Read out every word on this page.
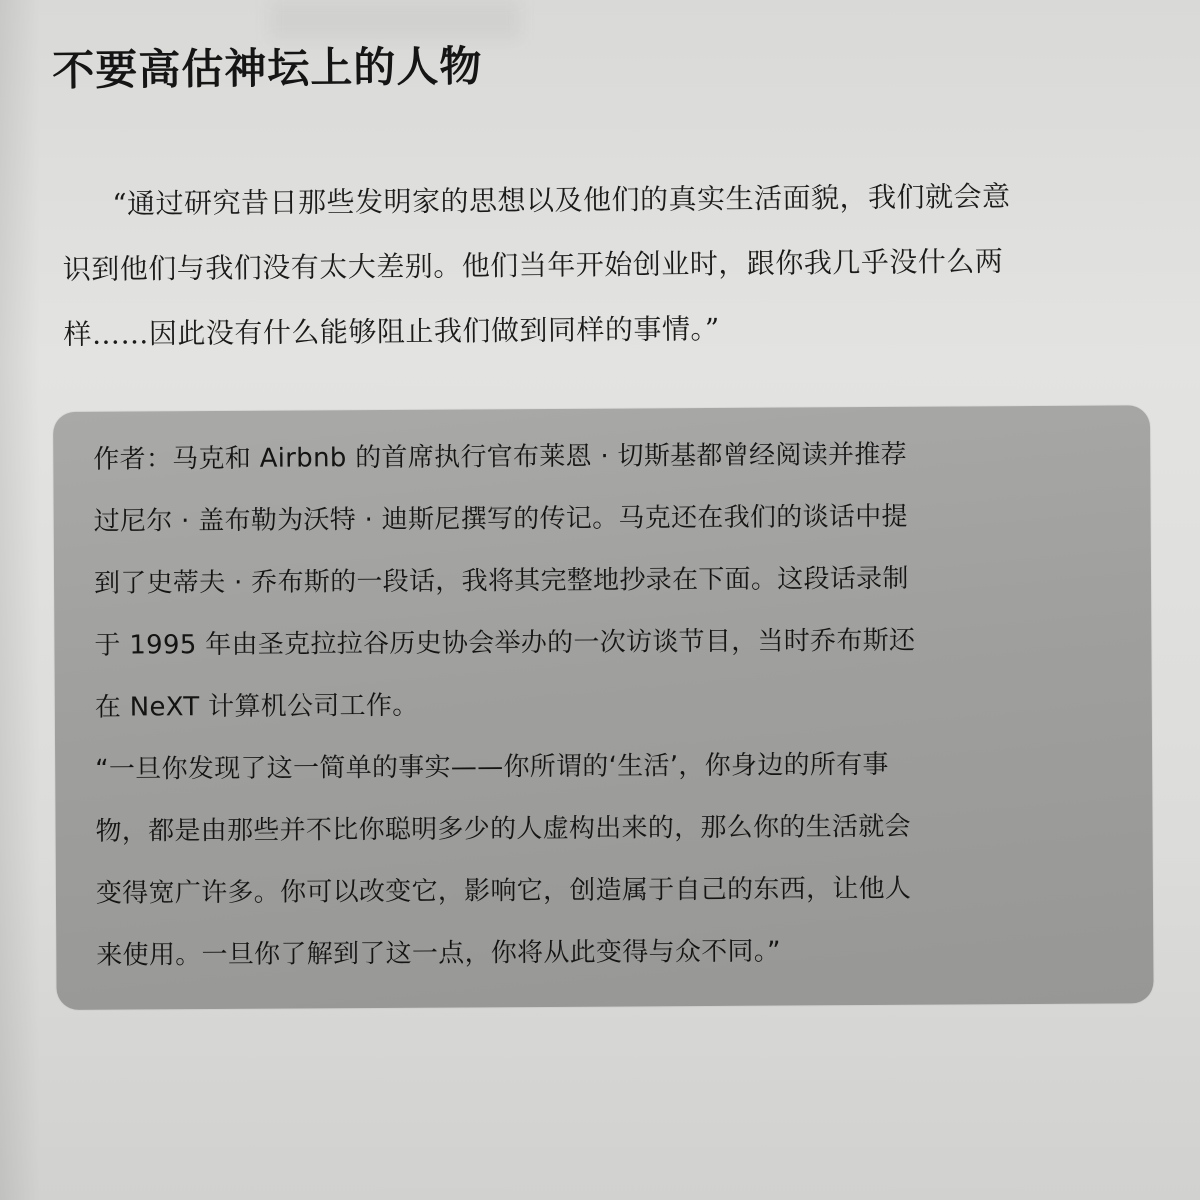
不要高估神坛上的人物
“通过研究昔日那些发明家的思想以及他们的真实生活面貌，我们就会意
识到他们与我们没有太大差别。他们当年开始创业时，跟你我几乎没什么两
样……因此没有什么能够阻止我们做到同样的事情。”
作者：马克和 Airbnb 的首席执行官布莱恩 · 切斯基都曾经阅读并推荐
过尼尔 · 盖布勒为沃特 · 迪斯尼撰写的传记。马克还在我们的谈话中提
到了史蒂夫 · 乔布斯的一段话，我将其完整地抄录在下面。这段话录制
于 1995 年由圣克拉拉谷历史协会举办的一次访谈节目，当时乔布斯还
在 NeXT 计算机公司工作。
“一旦你发现了这一简单的事实——你所谓的‘生活’，你身边的所有事
物，都是由那些并不比你聪明多少的人虚构出来的，那么你的生活就会
变得宽广许多。你可以改变它，影响它，创造属于自己的东西，让他人
来使用。一旦你了解到了这一点，你将从此变得与众不同。”
